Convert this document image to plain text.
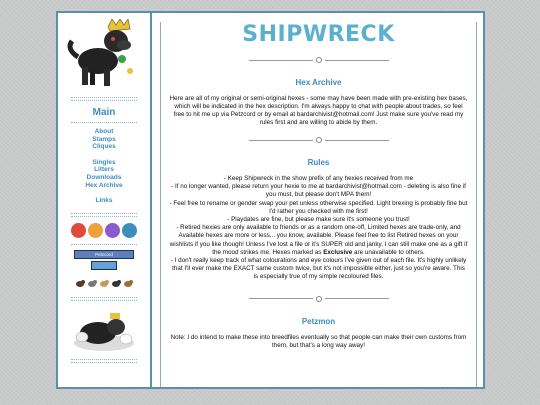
Main
About
Stamps
Cliques
Singles
Litters
Downloads
Hex Archive
Links
Petzcord
SHIPWRECK
Hex Archive

Here are all of my original or semi-original hexes - some may have been made with pre-existing hex bases, which will be indicated in the hex description. I'm always happy to chat with people about trades, so feel free to hit me up via Petzcord or by email at bardarchivist@hotmail.com! Just make sure you've read my rules first and are willing to abide by them.

Rules

- Keep Shipwreck in the show prefix of any hexies received from me

- If no longer wanted, please return your hexie to me at bardarchivist@hotmail.com - deleting is also fine if you must, but please don't MPA them!

- Feel free to rename or gender swap your pet unless otherwise specified. Light brexing is probably fine but I'd rather you checked with me first!

- Playdates are fine, but please make sure it's someone you trust!

- Retired hexies are only available to friends or as a random one-off, Limited hexes are trade-only, and Available hexes are more or less... you know, available. Please feel free to list Retired hexes on your wishlists if you like though! Unless I've lost a file or it's SUPER old and janky, I can still make one as a gift if the mood strikes me. Hexes marked as Exclusive are unavailable to others.

- I don't really keep track of what colourations and eye colours I've given out of each file. It's highly unlikely that I'll ever make the EXACT same custom twice, but it's not impossible either, just so you're aware. This is especially true of my simple recoloured files.

Petzmon

Note: I do intend to make these into breedfiles eventually so that people can make their own customs from them, but that's a long way away!
